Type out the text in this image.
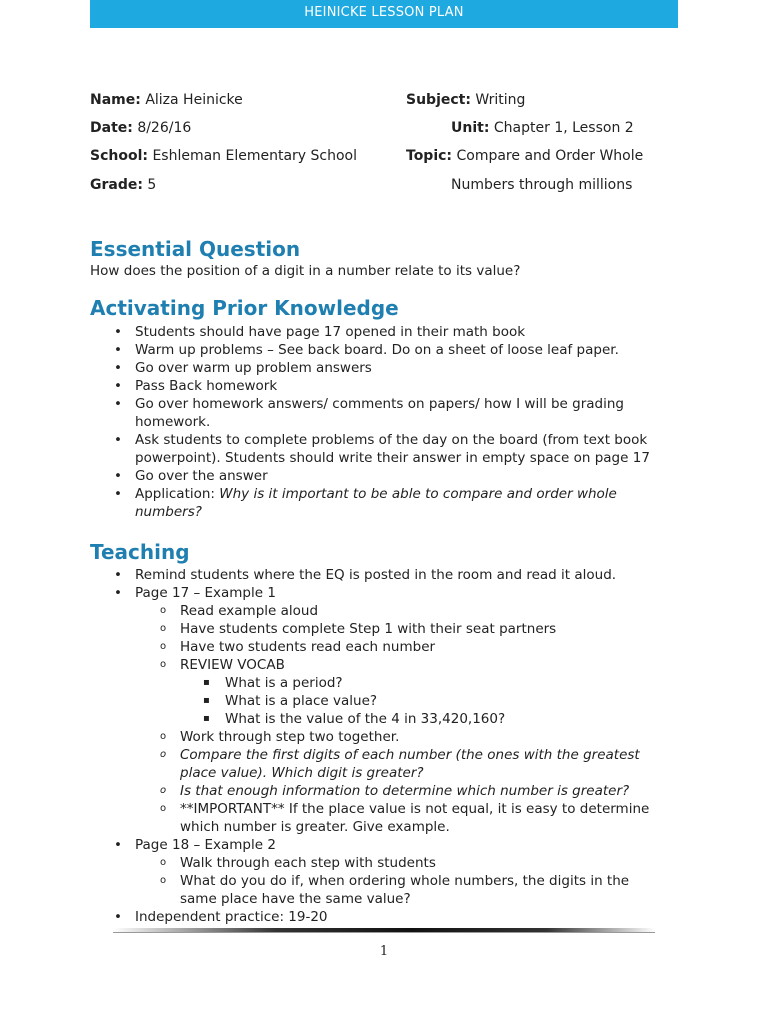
HEINICKE LESSON PLAN
Name: Aliza Heinicke
Date: 8/26/16
School: Eshleman Elementary School
Grade: 5
Subject: Writing
Unit: Chapter 1, Lesson 2
Topic: Compare and Order Whole
Numbers through millions
Essential Question
How does the position of a digit in a number relate to its value?
Activating Prior Knowledge
• Students should have page 17 opened in their math book
• Warm up problems – See back board. Do on a sheet of loose leaf paper.
• Go over warm up problem answers
• Pass Back homework
• Go over homework answers/ comments on papers/ how I will be grading homework.
• Ask students to complete problems of the day on the board (from text book powerpoint). Students should write their answer in empty space on page 17
• Go over the answer
• Application: Why is it important to be able to compare and order whole numbers?
Teaching
• Remind students where the EQ is posted in the room and read it aloud.
• Page 17 – Example 1
o Read example aloud
o Have students complete Step 1 with their seat partners
o Have two students read each number
o REVIEW VOCAB
▪ What is a period?
▪ What is a place value?
▪ What is the value of the 4 in 33,420,160?
o Work through step two together.
o Compare the first digits of each number (the ones with the greatest place value). Which digit is greater?
o Is that enough information to determine which number is greater?
o **IMPORTANT** If the place value is not equal, it is easy to determine which number is greater. Give example.
• Page 18 – Example 2
o Walk through each step with students
o What do you do if, when ordering whole numbers, the digits in the same place have the same value?
• Independent practice: 19-20
1
